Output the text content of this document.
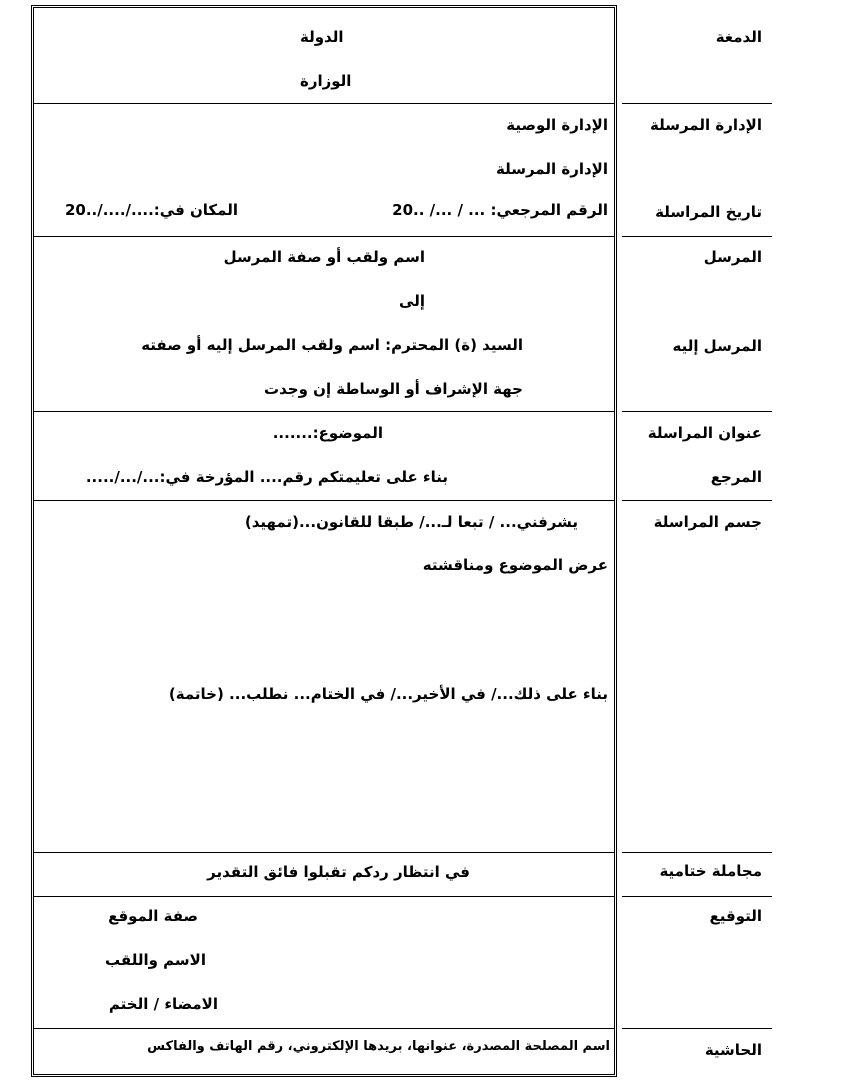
الدمغة
الإدارة المرسلة
تاريخ المراسلة
المرسل
المرسل إليه
عنوان المراسلة
المرجع
جسم المراسلة
مجاملة ختامية
التوقيع
الحاشية
الدولة
الوزارة
الإدارة الوصية
الإدارة المرسلة
الرقم المرجعي: ... / .../ ..20
المكان في:..../..../..20
اسم ولقب أو صفة المرسل
إلى
السيد (ة) المحترم: اسم ولقب المرسل إليه أو صفته
جهة الإشراف أو الوساطة إن وجدت
الموضوع:.......
بناء على تعليمتكم رقم.... المؤرخة في:.../.../.....
يشرفني... / تبعا لـ.../ طبقا للقانون...(تمهيد)
عرض الموضوع ومناقشته
بناء على ذلك.../ في الأخير.../ في الختام... نطلب... (خاتمة)
في انتظار ردكم تقبلوا فائق التقدير
صفة الموقع
الاسم واللقب
الامضاء / الختم
اسم المصلحة المصدرة، عنوانها، بريدها الإلكتروني، رقم الهاتف والفاكس
